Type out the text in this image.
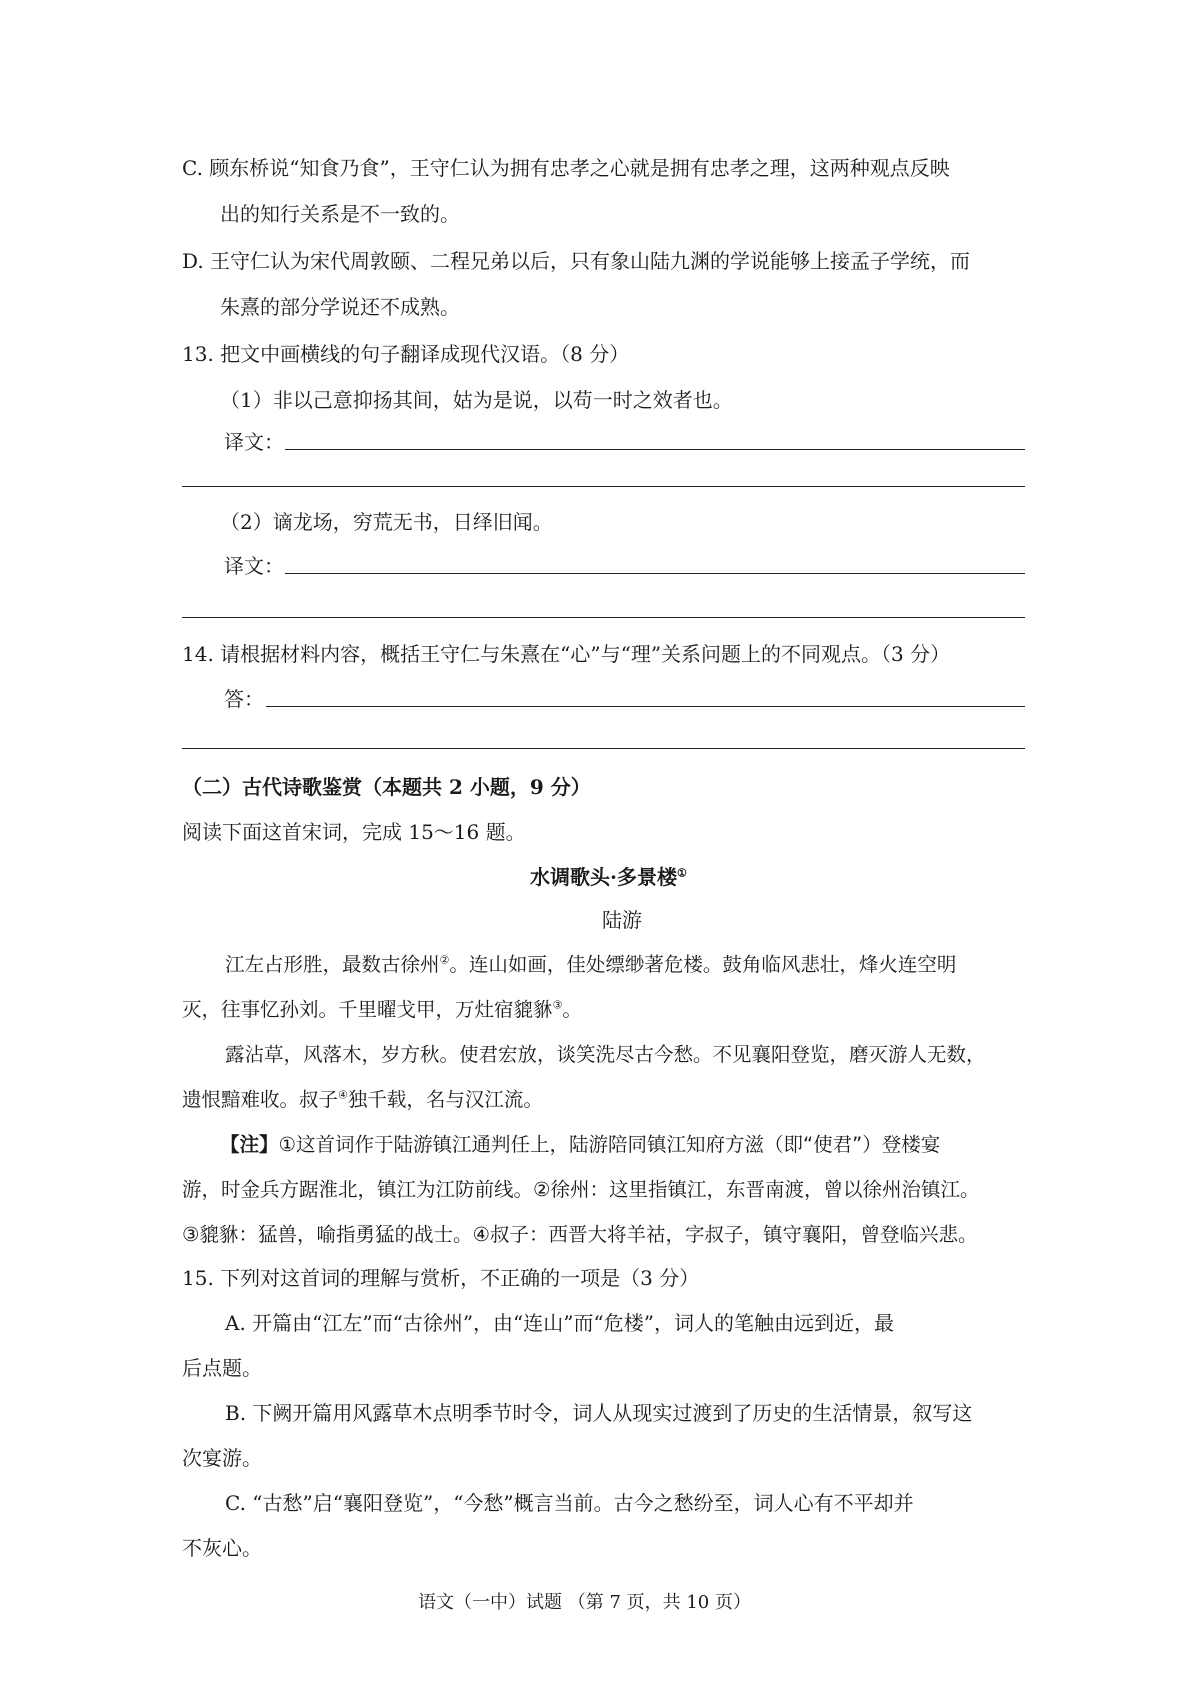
C. 顾东桥说“知食乃食”，王守仁认为拥有忠孝之心就是拥有忠孝之理，这两种观点反映
出的知行关系是不一致的。
D. 王守仁认为宋代周敦颐、二程兄弟以后，只有象山陆九渊的学说能够上接孟子学统，而
朱熹的部分学说还不成熟。
13. 把文中画横线的句子翻译成现代汉语。（8 分）
（1）非以己意抑扬其间，姑为是说，以苟一时之效者也。
译文：
（2）谪龙场，穷荒无书，日绎旧闻。
译文：
14. 请根据材料内容，概括王守仁与朱熹在“心”与“理”关系问题上的不同观点。（3 分）
答：
（二）古代诗歌鉴赏（本题共 2 小题，9 分）
阅读下面这首宋词，完成 15～16 题。
水调歌头·多景楼①
陆游
江左占形胜，最数古徐州②。连山如画，佳处缥缈著危楼。鼓角临风悲壮，烽火连空明
灭，往事忆孙刘。千里曜戈甲，万灶宿貔貅③。
露沾草，风落木，岁方秋。使君宏放，谈笑洗尽古今愁。不见襄阳登览，磨灭游人无数，
遗恨黯难收。叔子④独千载，名与汉江流。
【注】①这首词作于陆游镇江通判任上，陆游陪同镇江知府方滋（即“使君”）登楼宴
游，时金兵方踞淮北，镇江为江防前线。②徐州：这里指镇江，东晋南渡，曾以徐州治镇江。
③貔貅：猛兽，喻指勇猛的战士。④叔子：西晋大将羊祜，字叔子，镇守襄阳，曾登临兴悲。
15. 下列对这首词的理解与赏析，不正确的一项是（3 分）
A. 开篇由“江左”而“古徐州”，由“连山”而“危楼”，词人的笔触由远到近，最
后点题。
B. 下阙开篇用风露草木点明季节时令，词人从现实过渡到了历史的生活情景，叙写这
次宴游。
C. “古愁”启“襄阳登览”，“今愁”概言当前。古今之愁纷至，词人心有不平却并
不灰心。
语文（一中）试题 （第 7 页，共 10 页）
